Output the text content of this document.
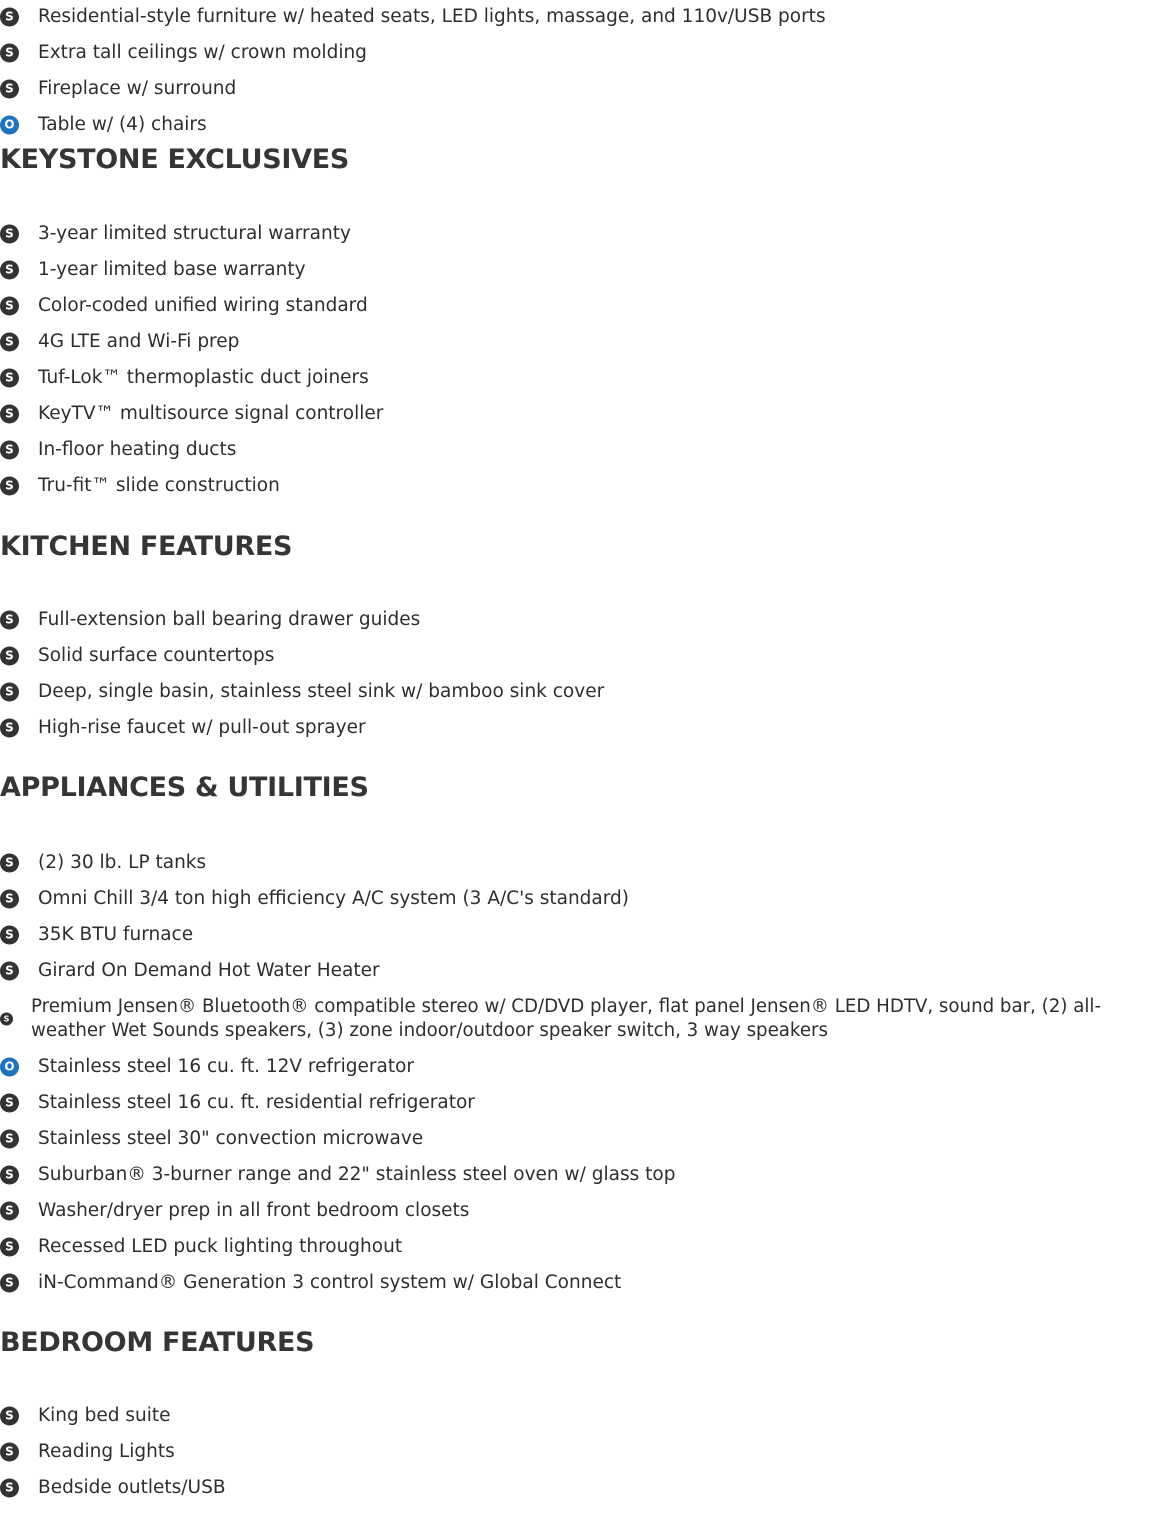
S Residential-style furniture w/ heated seats, LED lights, massage, and 110v/USB ports
S Extra tall ceilings w/ crown molding
S Fireplace w/ surround
O Table w/ (4) chairs
KEYSTONE EXCLUSIVES
S 3-year limited structural warranty
S 1-year limited base warranty
S Color-coded unified wiring standard
S 4G LTE and Wi-Fi prep
S Tuf-Lok™ thermoplastic duct joiners
S KeyTV™ multisource signal controller
S In-floor heating ducts
S Tru-fit™ slide construction
KITCHEN FEATURES
S Full-extension ball bearing drawer guides
S Solid surface countertops
S Deep, single basin, stainless steel sink w/ bamboo sink cover
S High-rise faucet w/ pull-out sprayer
APPLIANCES & UTILITIES
S (2) 30 lb. LP tanks
S Omni Chill 3/4 ton high efficiency A/C system (3 A/C's standard)
S 35K BTU furnace
S Girard On Demand Hot Water Heater
S
Premium Jensen® Bluetooth® compatible stereo w/ CD/DVD player, flat panel Jensen® LED HDTV, sound bar, (2) all-weather Wet Sounds speakers, (3) zone indoor/outdoor speaker switch, 3 way speakers
O Stainless steel 16 cu. ft. 12V refrigerator
S Stainless steel 16 cu. ft. residential refrigerator
S Stainless steel 30" convection microwave
S Suburban® 3-burner range and 22" stainless steel oven w/ glass top
S Washer/dryer prep in all front bedroom closets
S Recessed LED puck lighting throughout
S iN-Command® Generation 3 control system w/ Global Connect
BEDROOM FEATURES
S King bed suite
S Reading Lights
S Bedside outlets/USB
